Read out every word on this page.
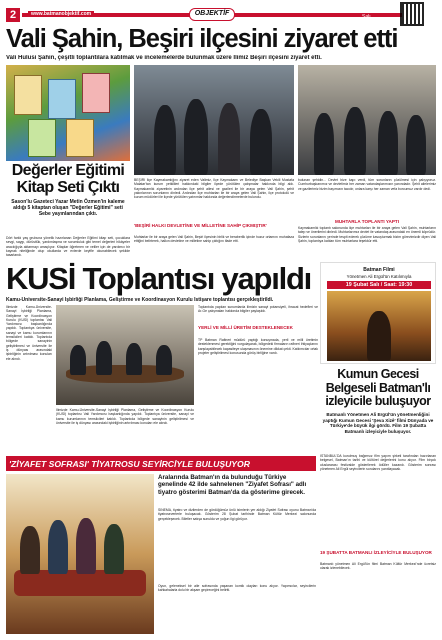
2	www.batmanobjektif.com	OBJEKTİF	19 Şubat 2019
Salı
Vali Şahin, Beşiri ilçesini ziyaret etti
Vali Hulusi Şahin, çeşitli toplantılara katılmak ve incelemelerde bulunmak üzere İlimiz Beşiri ilçesini ziyaret etti.
Değerler Eğitimi Kitap Seti Çıktı
Sason'lu Gazeteci Yazar Metin Özmen'in kaleme aldığı 5 kitaptan oluşan "Değerler Eğitimi" seti Sebe yayınlarından çıktı.
Dört farklı yaş grubuna yönelik hazırlanan Değerler Eğitimi kitap seti, çocuklara sevgi, saygı, dürüstlük, yardımlaşma ve sorumluluk gibi temel değerleri hikâyeler aracılığıyla aktarmayı amaçlıyor. Kitaplar öğretmen ve veliler için de yardımcı bir kaynak niteliğinde olup okullarda ve evlerde keyifle okunabilecek şekilde tasarlandı.
BEŞİRİ İlçe Kaymakamlığını ziyaret eden Valimiz, İlçe Kaymakamı ve Belediye Başkan Vekili Mustafa Malatar'tan kurum yetkilileri hakkındaki bilgiler ilçede yürütülen çalışmalar hakkında bilgi aldı. Kaymakamlık ziyaretinin ardından ilçe şehit ailesi ve gazileri ile bir araya gelen Vali Şahin, şehit yakınlarının sorunlarını dinledi. Ardından ilçe muhtarları ile bir araya gelen Vali Şahin, ilçe protokolü ve kurum müdürleri ile ilçede yürütülen yatırımlar hakkında değerlendirmelerde bulundu.
'BEŞİRİ HALKI DEVLETİNE VE MİLLETİNE SAHİP ÇIKMIŞTIR'
Muhtarlar ile bir araya gelen Vali Şahin, Beşiri ilçesinin birlik ve beraberlik içinde huzur ortamını muhafaza ettiğini belirterek, halkın devletine ve milletine sahip çıktığını ifade etti.
bulunan şehidin... Devlet bize kapı verdi, tüm sorunların çözülmesi için çalışıyoruz. Cumhurbaşkanımız ve devletimiz her zaman vatandaşlarımızın yanındadır. Şehit ailelerimiz ve gazilerimiz bizim başımızın tacıdır, onlara karşı her zaman vefa borcumuz vardır dedi.
MUHTARLA TOPLANTI YAPTI
Kaymakamlık toplantı salonunda ilçe muhtarları ile bir araya gelen Vali Şahin, muhtarların talep ve önerilerini dinledi. Muhtarlarımız devlet ile vatandaş arasındaki en önemli köprüdür. Sizlerin sorunlarını yerinde tespit ederek çözüme kavuşturmak bizim görevimizdir diyen Vali Şahin, toplantıya katılan tüm muhtarlara teşekkür etti.
Batman Filmi
Yönetmen Ali Ergül'ün Katılımıyla
19 Şubat Salı / Saat: 19:30
KUSİ Toplantısı yapıldı
Kamu-Üniversite-Sanayi İşbirliği Planlama, Geliştirme ve Koordinasyon Kurulu İstişare toplantısı gerçekleştirildi.
İlimizde Kamu-Üniversite-Sanayi İşbirliği Planlama, Geliştirme ve Koordinasyon Kurulu (KUSİ) toplantısı Vali Yardımcısı başkanlığında yapıldı. Toplantıya üniversite, sanayi ve kamu kurumlarının temsilcileri katıldı. Toplantıda bölgede sanayinin geliştirilmesi ve üniversite ile iş dünyası arasındaki işbirliğinin artırılması konuları ele alındı.
Toplantıda yapılan sunumlarda ilimizin sanayi potansiyeli, ihracat hedefleri ve Ar-Ge çalışmaları hakkında bilgiler paylaşıldı.
YERLİ VE MİLLİ ÜRETİM DESTEKLENECEK
TP Batman Rafineri müdürü yaptığı konuşmada, yerli ve milli üretimin desteklenmesi gerektiğini vurgulayarak, bölgedeki firmaların rafineri ihtiyaçlarını karşılayabilecek kapasiteye ulaşmasının önemine dikkat çekti. Katılımcılar ortak projeler geliştirilmesi konusunda görüş birliğine vardı.
İlimizde Kamu-Üniversite-Sanayi İşbirliği Planlama, Geliştirme ve Koordinasyon Kurulu (KUSİ) toplantısı Vali Yardımcısı başkanlığında yapıldı. Toplantıya üniversite, sanayi ve kamu kurumlarının temsilcileri katıldı. Toplantıda bölgede sanayinin geliştirilmesi ve üniversite ile iş dünyası arasındaki işbirliğinin artırılması konuları ele alındı.
Kumun Gecesi Belgeseli Batman'lı izleyicile buluşuyor
Batmanlı Yönetmen Ali Ergül'ün yönetmenliğini yaptığı Kumun Gecesi 'Şeva Xizê' filmi Dünyada ve Türkiye'de büyük ilgi gördü. Film 19 Şubatta Batmanlı izleyiciyle buluşuyor.
İSTANBUL'DA kurulmuş bağımsız film yapım şirketi tarafından hazırlanan belgesel, Batman'ın tarihi ve kültürel değerlerini konu alıyor. Film birçok uluslararası festivalde gösterilerek ödüller kazandı. Gösterim sonrası yönetmen Ali Ergül seyircilerin sorularını yanıtlayacak.
19 ŞUBATTA BATMANLI İZLEYİCİYLE BULUŞUYOR
Batmanlı yönetmen Ali Ergül'ün filmi Batman Kültür Merkezi'nde ücretsiz olarak izlenebilecek.
'ZİYAFET SOFRASI' TİYATROSU SEYİRCİYLE BULUŞUYOR
Aralarında Batman'ın da bulunduğu Türkiye genelinde 42 ilde sahnelenen "Ziyafet Sofrası" adlı tiyatro gösterimi Batman'da da gösterime girecek.
SİNEMA, tiyatro ve dizilerden de gördüğümüz ünlü isimlerin yer aldığı Ziyafet Sofrası oyunu Batman'da tiyatroseverlerle buluşacak. Gösterim 28 Şubat tarihinde Batman Kültür Merkezi salonunda gerçekleşecek. Biletler satışa sunuldu ve yoğun ilgi görüyor.
Oyun, geleneksel bir aile sofrasında yaşanan komik olayları konu alıyor. Yapımcılar, seyircilerin kahkahalarla dolu bir akşam geçireceğini belirtti.
